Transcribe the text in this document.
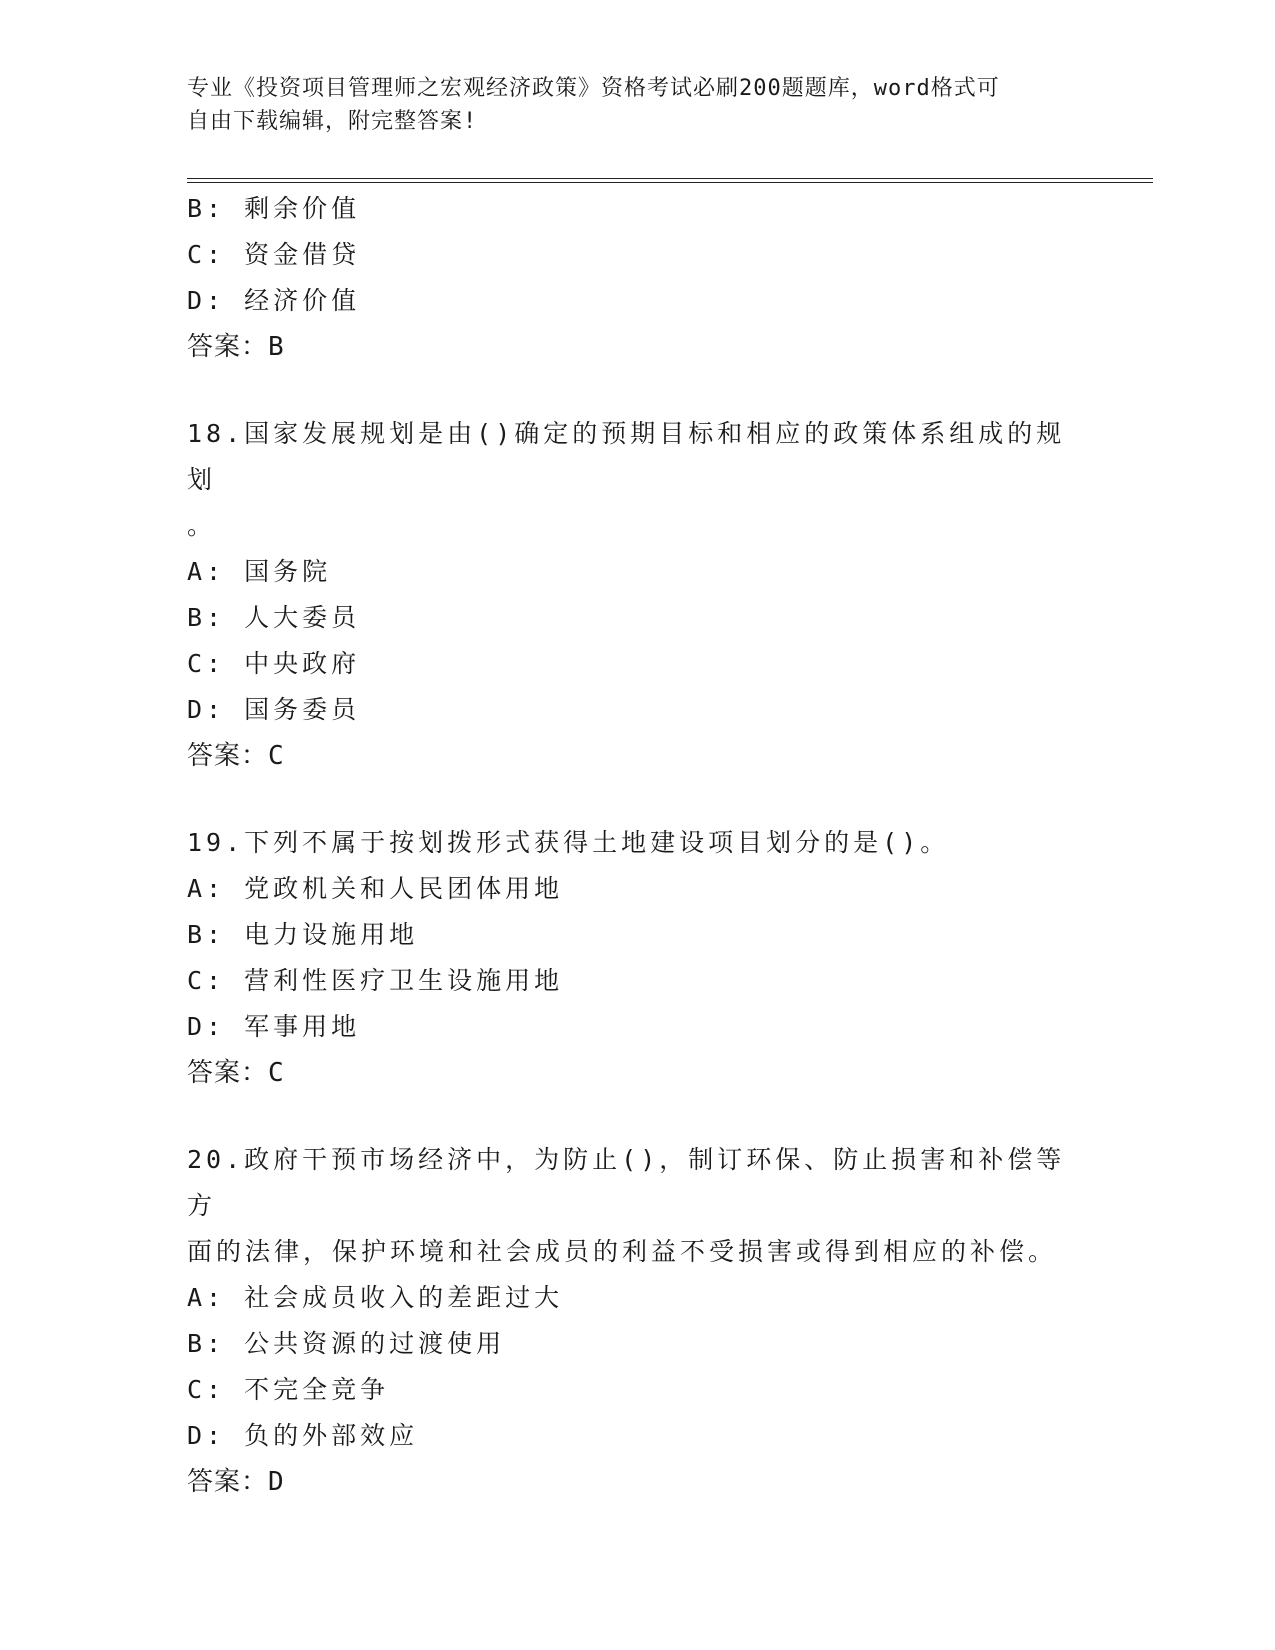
专业《投资项目管理师之宏观经济政策》资格考试必刷200题题库，word格式可
自由下载编辑，附完整答案!
B: 剩余价值
C: 资金借贷
D: 经济价值
答案：B
18.国家发展规划是由()确定的预期目标和相应的政策体系组成的规划
。
A: 国务院
B: 人大委员
C: 中央政府
D: 国务委员
答案：C
19.下列不属于按划拨形式获得土地建设项目划分的是()。
A: 党政机关和人民团体用地
B: 电力设施用地
C: 营利性医疗卫生设施用地
D: 军事用地
答案：C
20.政府干预市场经济中，为防止()，制订环保、防止损害和补偿等方
面的法律，保护环境和社会成员的利益不受损害或得到相应的补偿。
A: 社会成员收入的差距过大
B: 公共资源的过渡使用
C: 不完全竞争
D: 负的外部效应
答案：D
